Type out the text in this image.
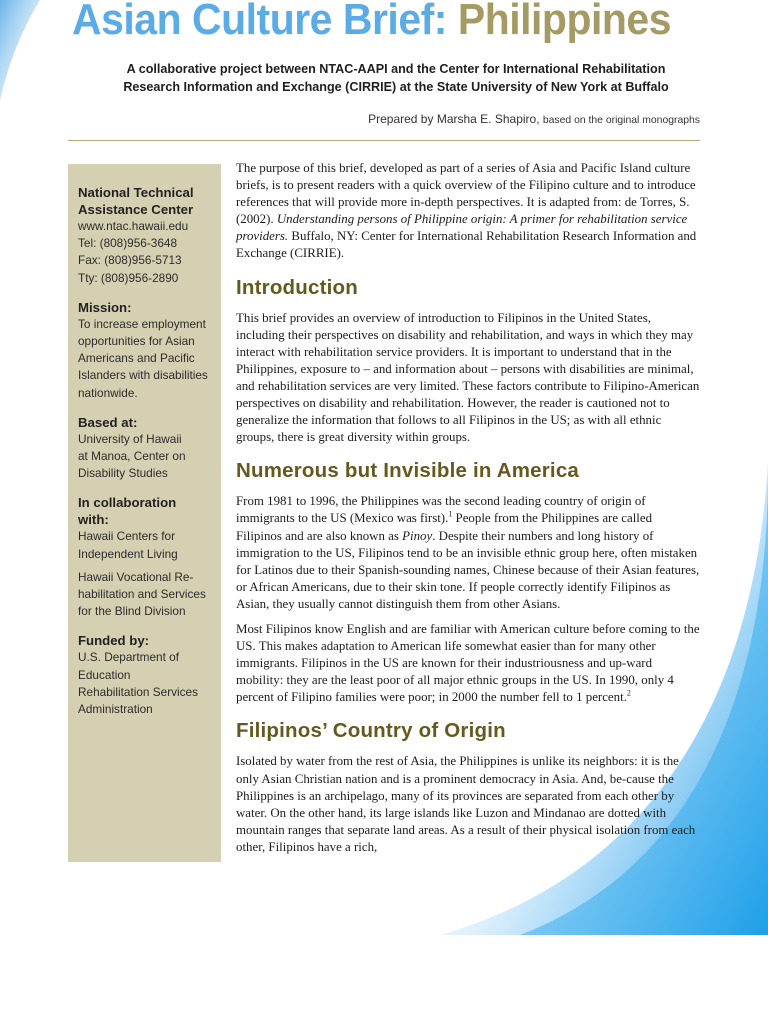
Asian Culture Brief: Philippines
A collaborative project between NTAC-AAPI and the Center for International Rehabilitation
Research Information and Exchange (CIRRIE) at the State University of New York at Buffalo

Prepared by Marsha E. Shapiro, based on the original monographs

National Technical
Assistance Center
www.ntac.hawaii.edu
Tel: (808)956-3648
Fax: (808)956-5713
Tty: (808)956-2890
Mission:
To increase employment
opportunities for Asian
Americans and Pacific
Islanders with disabilities
nationwide.
Based at:
University of Hawaii
at Manoa, Center on
Disability Studies
In collaboration
with:
Hawaii Centers for
Independent Living
Hawaii Vocational Re-
habilitation and Services
for the Blind Division
Funded by:
U.S. Department of
Education
Rehabilitation Services
Administration

The purpose of this brief, developed as part of a series of Asia and Pacific Island culture briefs, is to present readers with a quick overview of the Filipino culture and to introduce references that will provide more in-depth perspectives. It is adapted from: de Torres, S. (2002). Understanding persons of Philippine origin: A primer for rehabilitation service providers. Buffalo, NY: Center for International Rehabilitation Research Information and Exchange (CIRRIE).

Introduction

This brief provides an overview of introduction to Filipinos in the United States, including their perspectives on disability and rehabilitation, and ways in which they may interact with rehabilitation service providers. It is important to understand that in the Philippines, exposure to – and information about – persons with disabilities are minimal, and rehabilitation services are very limited. These factors contribute to Filipino-American perspectives on disability and rehabilitation. However, the reader is cautioned not to generalize the information that follows to all Filipinos in the US; as with all ethnic groups, there is great diversity within groups.

Numerous but Invisible in America

From 1981 to 1996, the Philippines was the second leading country of origin of immigrants to the US (Mexico was first).$^1$ People from the Philippines are called Filipinos and are also known as Pinoy. Despite their numbers and long history of immigration to the US, Filipinos tend to be an invisible ethnic group here, often mistaken for Latinos due to their Spanish-sounding names, Chinese because of their Asian features, or African Americans, due to their skin tone. If people correctly identify Filipinos as Asian, they usually cannot distinguish them from other Asians.

Most Filipinos know English and are familiar with American culture before coming to the US. This makes adaptation to American life somewhat easier than for many other immigrants. Filipinos in the US are known for their industriousness and up-ward mobility: they are the least poor of all major ethnic groups in the US. In 1990, only 4 percent of Filipino families were poor; in 2000 the number fell to 1 percent.$^2$

Filipinos’ Country of Origin

Isolated by water from the rest of Asia, the Philippines is unlike its neighbors: it is the only Asian Christian nation and is a prominent democracy in Asia. And, be-cause the Philippines is an archipelago, many of its provinces are separated from each other by water. On the other hand, its large islands like Luzon and Mindanao are dotted with mountain ranges that separate land areas. As a result of their physical isolation from each other, Filipinos have a rich,
